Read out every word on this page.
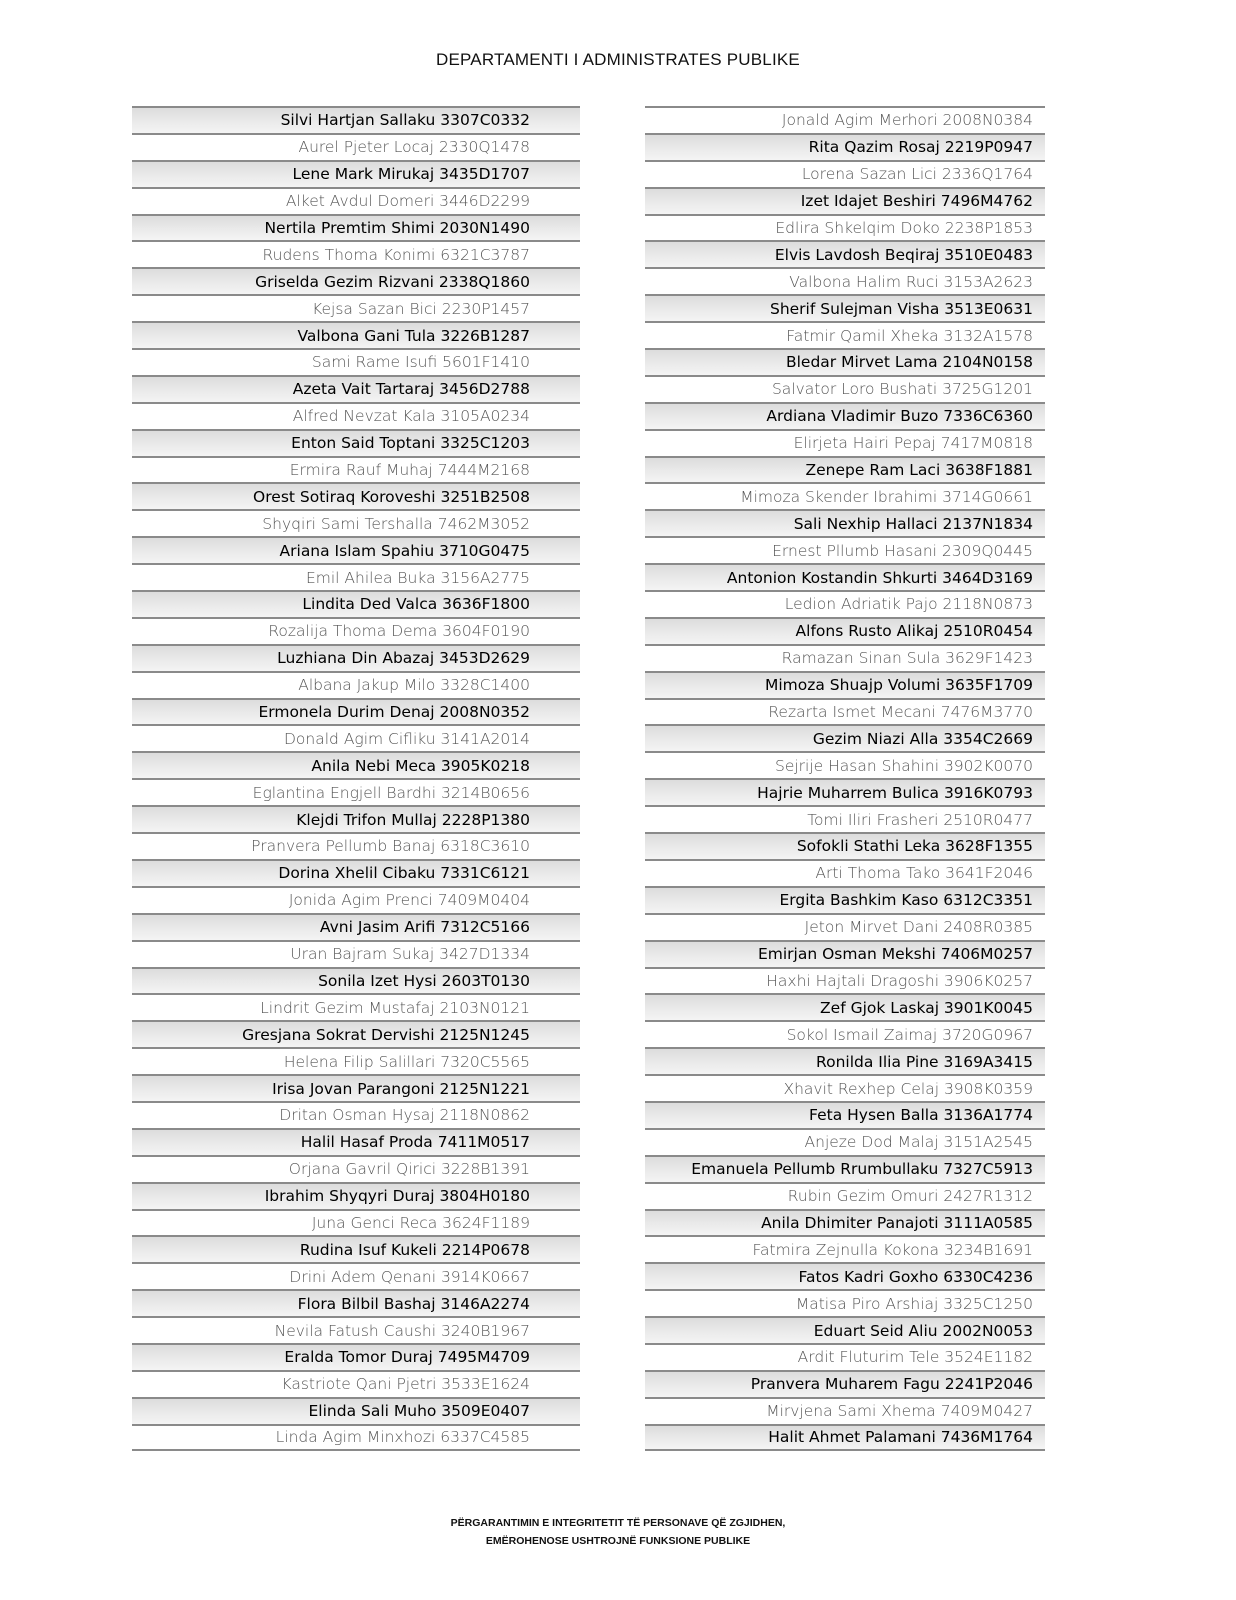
DEPARTAMENTI I ADMINISTRATES PUBLIKE
Silvi Hartjan Sallaku 3307C0332
Aurel Pjeter Locaj 2330Q1478
Lene Mark Mirukaj 3435D1707
Alket Avdul Domeri 3446D2299
Nertila Premtim Shimi 2030N1490
Rudens Thoma Konimi 6321C3787
Griselda Gezim Rizvani 2338Q1860
Kejsa Sazan Bici 2230P1457
Valbona Gani Tula 3226B1287
Sami Rame Isufi 5601F1410
Azeta Vait Tartaraj 3456D2788
Alfred Nevzat Kala 3105A0234
Enton Said Toptani 3325C1203
Ermira Rauf Muhaj 7444M2168
Orest Sotiraq Koroveshi 3251B2508
Shyqiri Sami Tershalla 7462M3052
Ariana Islam Spahiu 3710G0475
Emil Ahilea Buka 3156A2775
Lindita Ded Valca 3636F1800
Rozalija Thoma Dema 3604F0190
Luzhiana Din Abazaj 3453D2629
Albana Jakup Milo 3328C1400
Ermonela Durim Denaj 2008N0352
Donald Agim Cifliku 3141A2014
Anila Nebi Meca 3905K0218
Eglantina Engjell Bardhi 3214B0656
Klejdi Trifon Mullaj 2228P1380
Pranvera Pellumb Banaj 6318C3610
Dorina Xhelil Cibaku 7331C6121
Jonida Agim Prenci 7409M0404
Avni Jasim Arifi 7312C5166
Uran Bajram Sukaj 3427D1334
Sonila Izet Hysi 2603T0130
Lindrit Gezim Mustafaj 2103N0121
Gresjana Sokrat Dervishi 2125N1245
Helena Filip Salillari 7320C5565
Irisa Jovan Parangoni 2125N1221
Dritan Osman Hysaj 2118N0862
Halil Hasaf Proda 7411M0517
Orjana Gavril Qirici 3228B1391
Ibrahim Shyqyri Duraj 3804H0180
Juna Genci Reca 3624F1189
Rudina Isuf Kukeli 2214P0678
Drini Adem Qenani 3914K0667
Flora Bilbil Bashaj 3146A2274
Nevila Fatush Caushi 3240B1967
Eralda Tomor Duraj 7495M4709
Kastriote Qani Pjetri 3533E1624
Elinda Sali Muho 3509E0407
Linda Agim Minxhozi 6337C4585
Jonald Agim Merhori 2008N0384
Rita Qazim Rosaj 2219P0947
Lorena Sazan Lici 2336Q1764
Izet Idajet Beshiri 7496M4762
Edlira Shkelqim Doko 2238P1853
Elvis Lavdosh Beqiraj 3510E0483
Valbona Halim Ruci 3153A2623
Sherif Sulejman Visha 3513E0631
Fatmir Qamil Xheka 3132A1578
Bledar Mirvet Lama 2104N0158
Salvator Loro Bushati 3725G1201
Ardiana Vladimir Buzo 7336C6360
Elirjeta Hairi Pepaj 7417M0818
Zenepe Ram Laci 3638F1881
Mimoza Skender Ibrahimi 3714G0661
Sali Nexhip Hallaci 2137N1834
Ernest Pllumb Hasani 2309Q0445
Antonion Kostandin Shkurti 3464D3169
Ledion Adriatik Pajo 2118N0873
Alfons Rusto Alikaj 2510R0454
Ramazan Sinan Sula 3629F1423
Mimoza Shuajp Volumi 3635F1709
Rezarta Ismet Mecani 7476M3770
Gezim Niazi Alla 3354C2669
Sejrije Hasan Shahini 3902K0070
Hajrie Muharrem Bulica 3916K0793
Tomi Iliri Frasheri 2510R0477
Sofokli Stathi Leka 3628F1355
Arti Thoma Tako 3641F2046
Ergita Bashkim Kaso 6312C3351
Jeton Mirvet Dani 2408R0385
Emirjan Osman Mekshi 7406M0257
Haxhi Hajtali Dragoshi 3906K0257
Zef Gjok Laskaj 3901K0045
Sokol Ismail Zaimaj 3720G0967
Ronilda Ilia Pine 3169A3415
Xhavit Rexhep Celaj 3908K0359
Feta Hysen Balla 3136A1774
Anjeze Dod Malaj 3151A2545
Emanuela Pellumb Rrumbullaku 7327C5913
Rubin Gezim Omuri 2427R1312
Anila Dhimiter Panajoti 3111A0585
Fatmira Zejnulla Kokona 3234B1691
Fatos Kadri Goxho 6330C4236
Matisa Piro Arshiaj 3325C1250
Eduart Seid Aliu 2002N0053
Ardit Fluturim Tele 3524E1182
Pranvera Muharem Fagu 2241P2046
Mirvjena Sami Xhema 7409M0427
Halit Ahmet Palamani 7436M1764
PËRGARANTIMIN E INTEGRITETIT TË PERSONAVE QË ZGJIDHEN,
EMËROHENOSE USHTROJNË FUNKSIONE PUBLIKE
